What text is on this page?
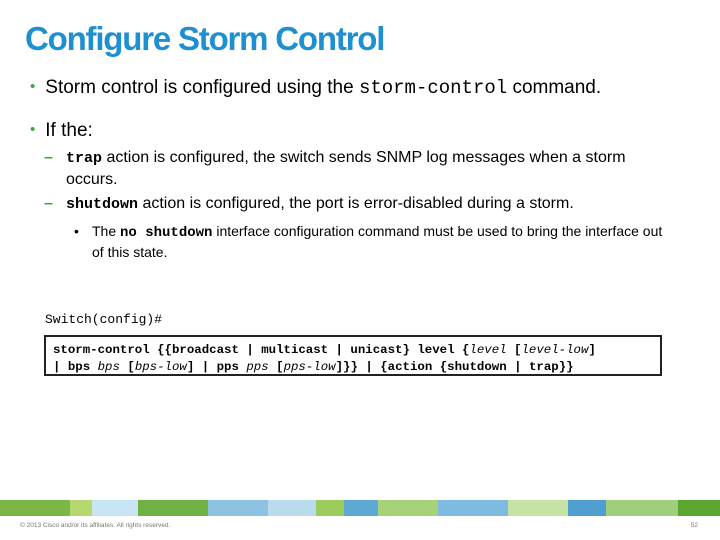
Configure Storm Control
• Storm control is configured using the storm-control command.
• If the:
– trap action is configured, the switch sends SNMP log messages when a storm occurs.
– shutdown action is configured, the port is error-disabled during a storm.
• The no shutdown interface configuration command must be used to bring the interface out of this state.
Switch(config)#
storm-control {{broadcast | multicast | unicast} level {level [level-low]
| bps bps [bps-low] | pps pps [pps-low]}} | {action {shutdown | trap}}
© 2013 Cisco and/or its affiliates. All rights reserved.	52
